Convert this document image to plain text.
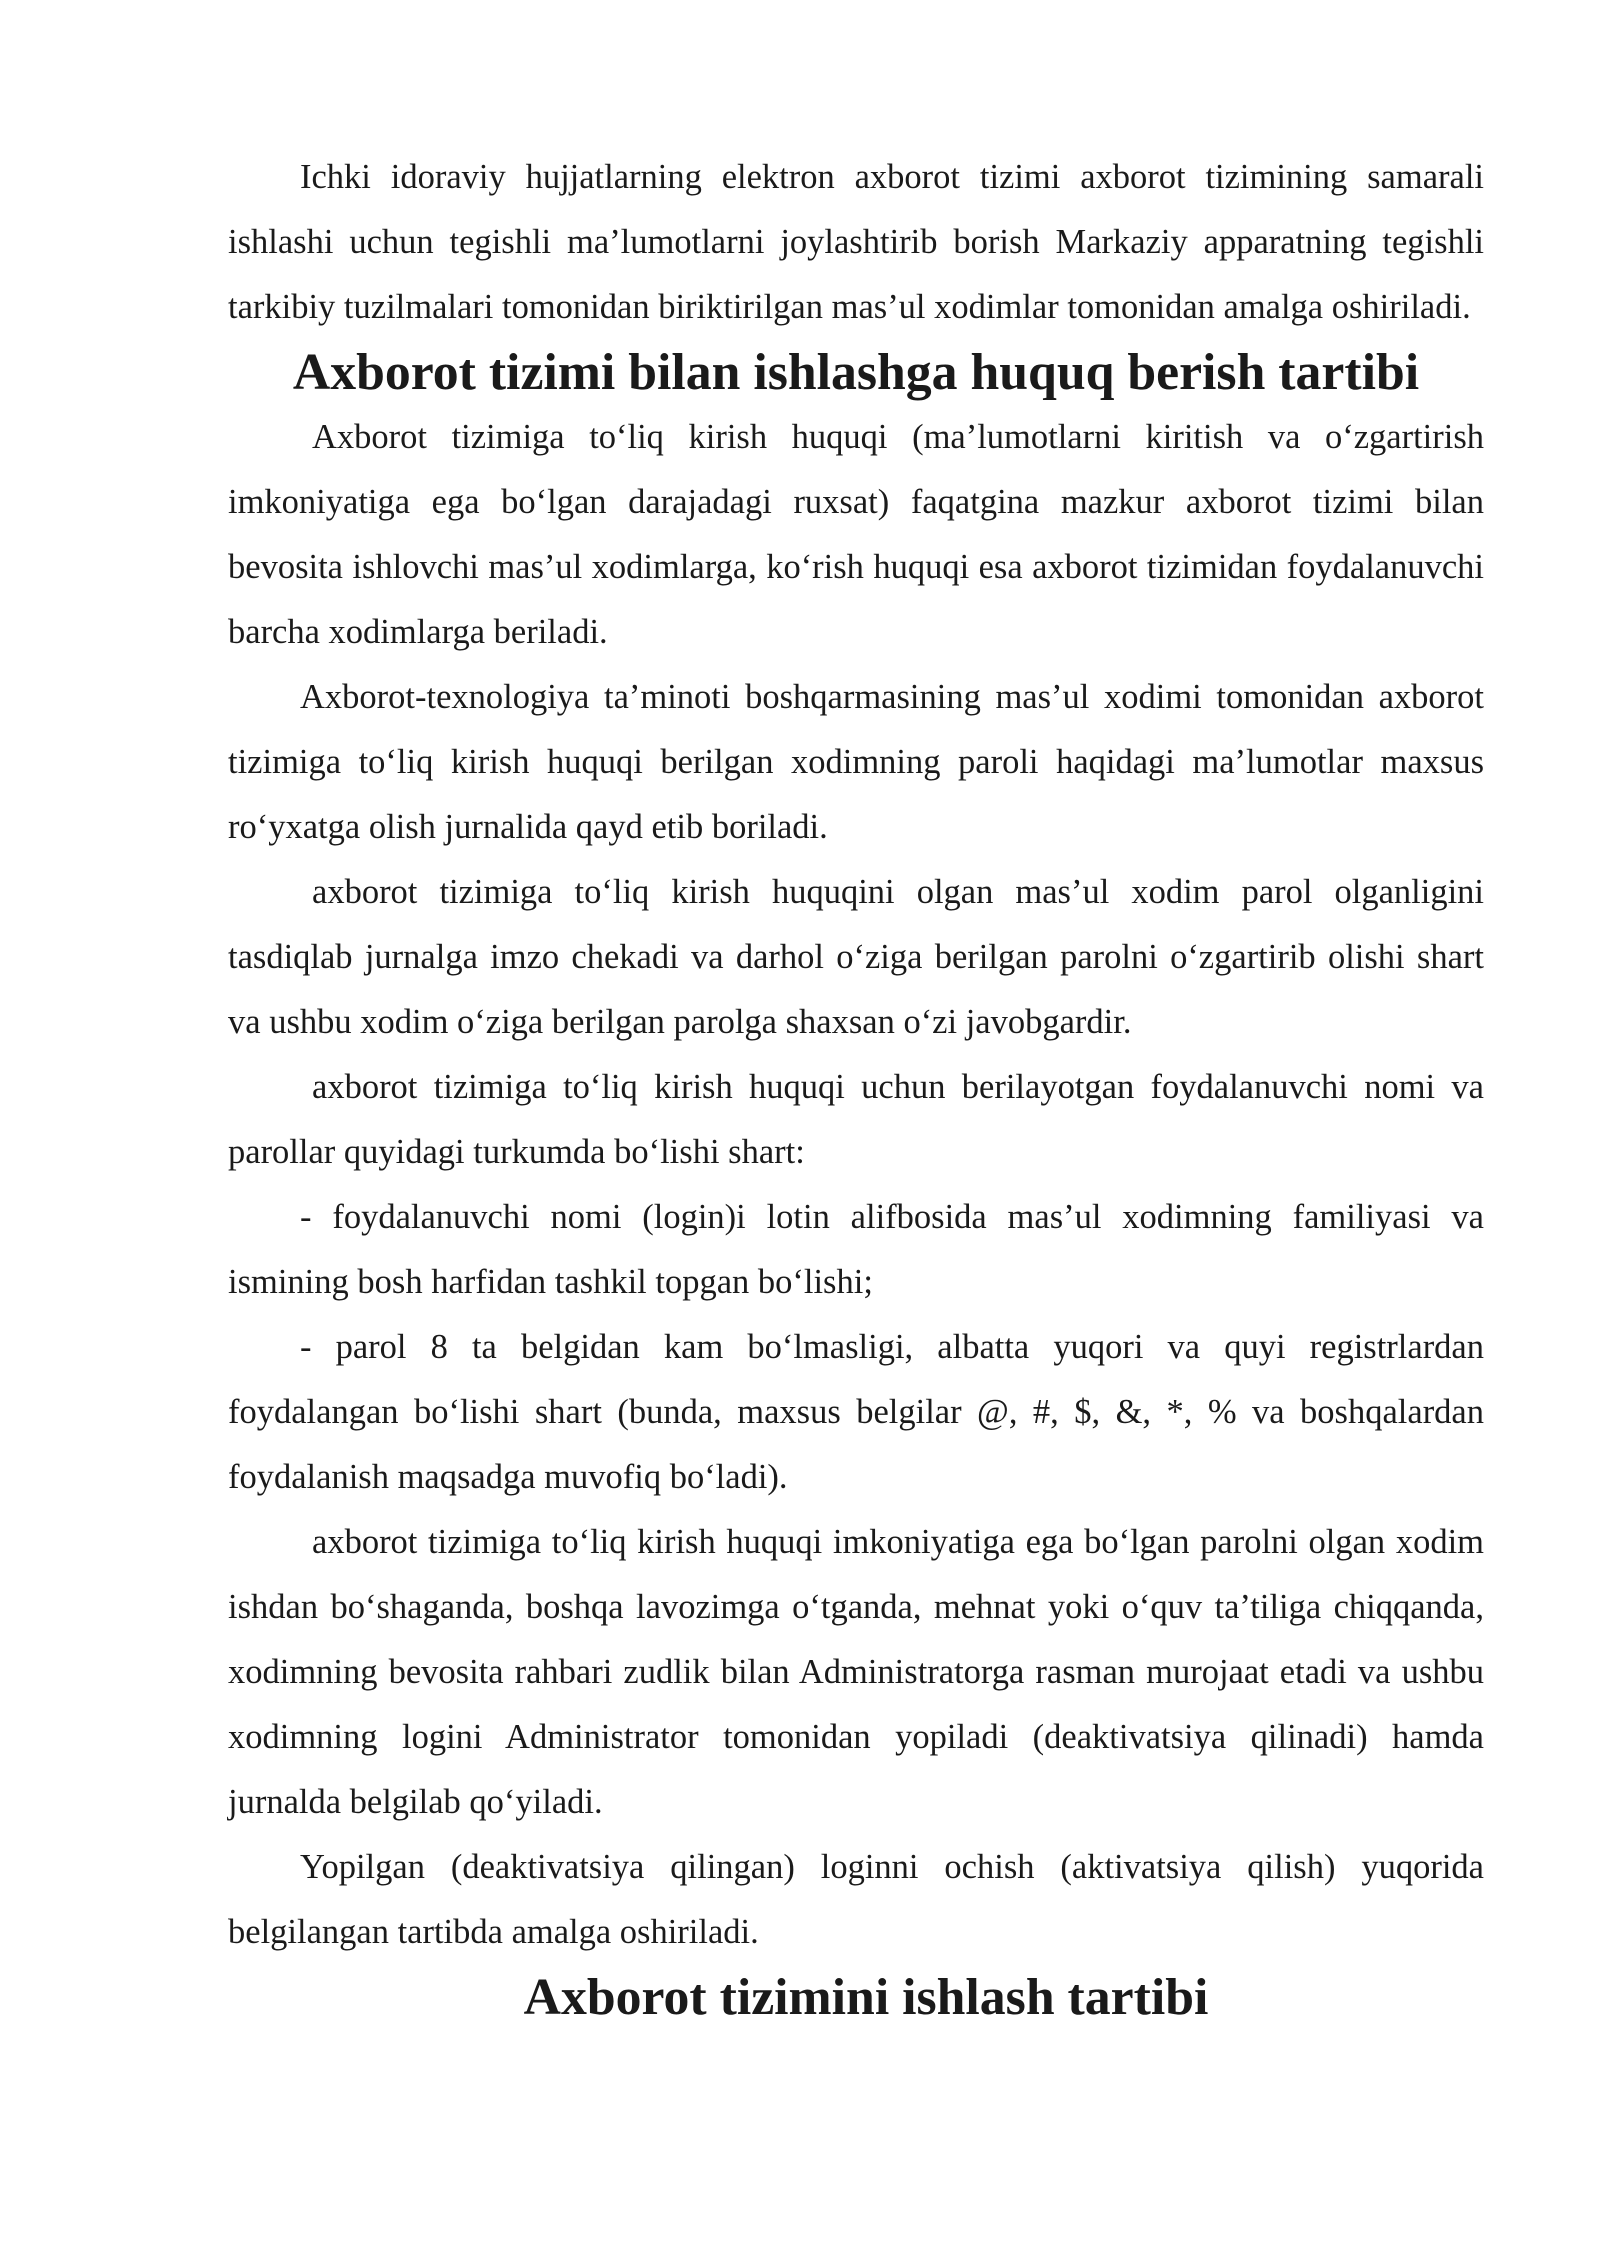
Ichki idoraviy hujjatlarning elektron axborot tizimi axborot tizimining samarali ishlashi uchun tegishli ma’lumotlarni joylashtirib borish Markaziy apparatning tegishli tarkibiy tuzilmalari tomonidan biriktirilgan mas’ul xodimlar tomonidan amalga oshiriladi.

Axborot tizimi bilan ishlashga huquq berish tartibi

Axborot tizimiga to‘liq kirish huquqi (ma’lumotlarni kiritish va o‘zgartirish imkoniyatiga ega bo‘lgan darajadagi ruxsat) faqatgina mazkur axborot tizimi bilan bevosita ishlovchi mas’ul xodimlarga, ko‘rish huquqi esa axborot tizimidan foydalanuvchi barcha xodimlarga beriladi.

Axborot-texnologiya ta’minoti boshqarmasining mas’ul xodimi tomonidan axborot tizimiga to‘liq kirish huquqi berilgan xodimning paroli haqidagi ma’lumotlar maxsus ro‘yxatga olish jurnalida qayd etib boriladi.

axborot tizimiga to‘liq kirish huquqini olgan mas’ul xodim parol olganligini tasdiqlab jurnalga imzo chekadi va darhol o‘ziga berilgan parolni o‘zgartirib olishi shart va ushbu xodim o‘ziga berilgan parolga shaxsan o‘zi javobgardir.

axborot tizimiga to‘liq kirish huquqi uchun berilayotgan foydalanuvchi nomi va parollar quyidagi turkumda bo‘lishi shart:

- foydalanuvchi nomi (login)i lotin alifbosida mas’ul xodimning familiyasi va ismining bosh harfidan tashkil topgan bo‘lishi;

- parol 8 ta belgidan kam bo‘lmasligi, albatta yuqori va quyi registrlardan foydalangan bo‘lishi shart (bunda, maxsus belgilar @, #, $, &, *, % va boshqalardan foydalanish maqsadga muvofiq bo‘ladi).

axborot tizimiga to‘liq kirish huquqi imkoniyatiga ega bo‘lgan parolni olgan xodim ishdan bo‘shaganda, boshqa lavozimga o‘tganda, mehnat yoki o‘quv ta’tiliga chiqqanda, xodimning bevosita rahbari zudlik bilan Administratorga rasman murojaat etadi va ushbu xodimning logini Administrator tomonidan yopiladi (deaktivatsiya qilinadi) hamda jurnalda belgilab qo‘yiladi.

Yopilgan (deaktivatsiya qilingan) loginni ochish (aktivatsiya qilish) yuqorida belgilangan tartibda amalga oshiriladi.

Axborot tizimini ishlash tartibi
